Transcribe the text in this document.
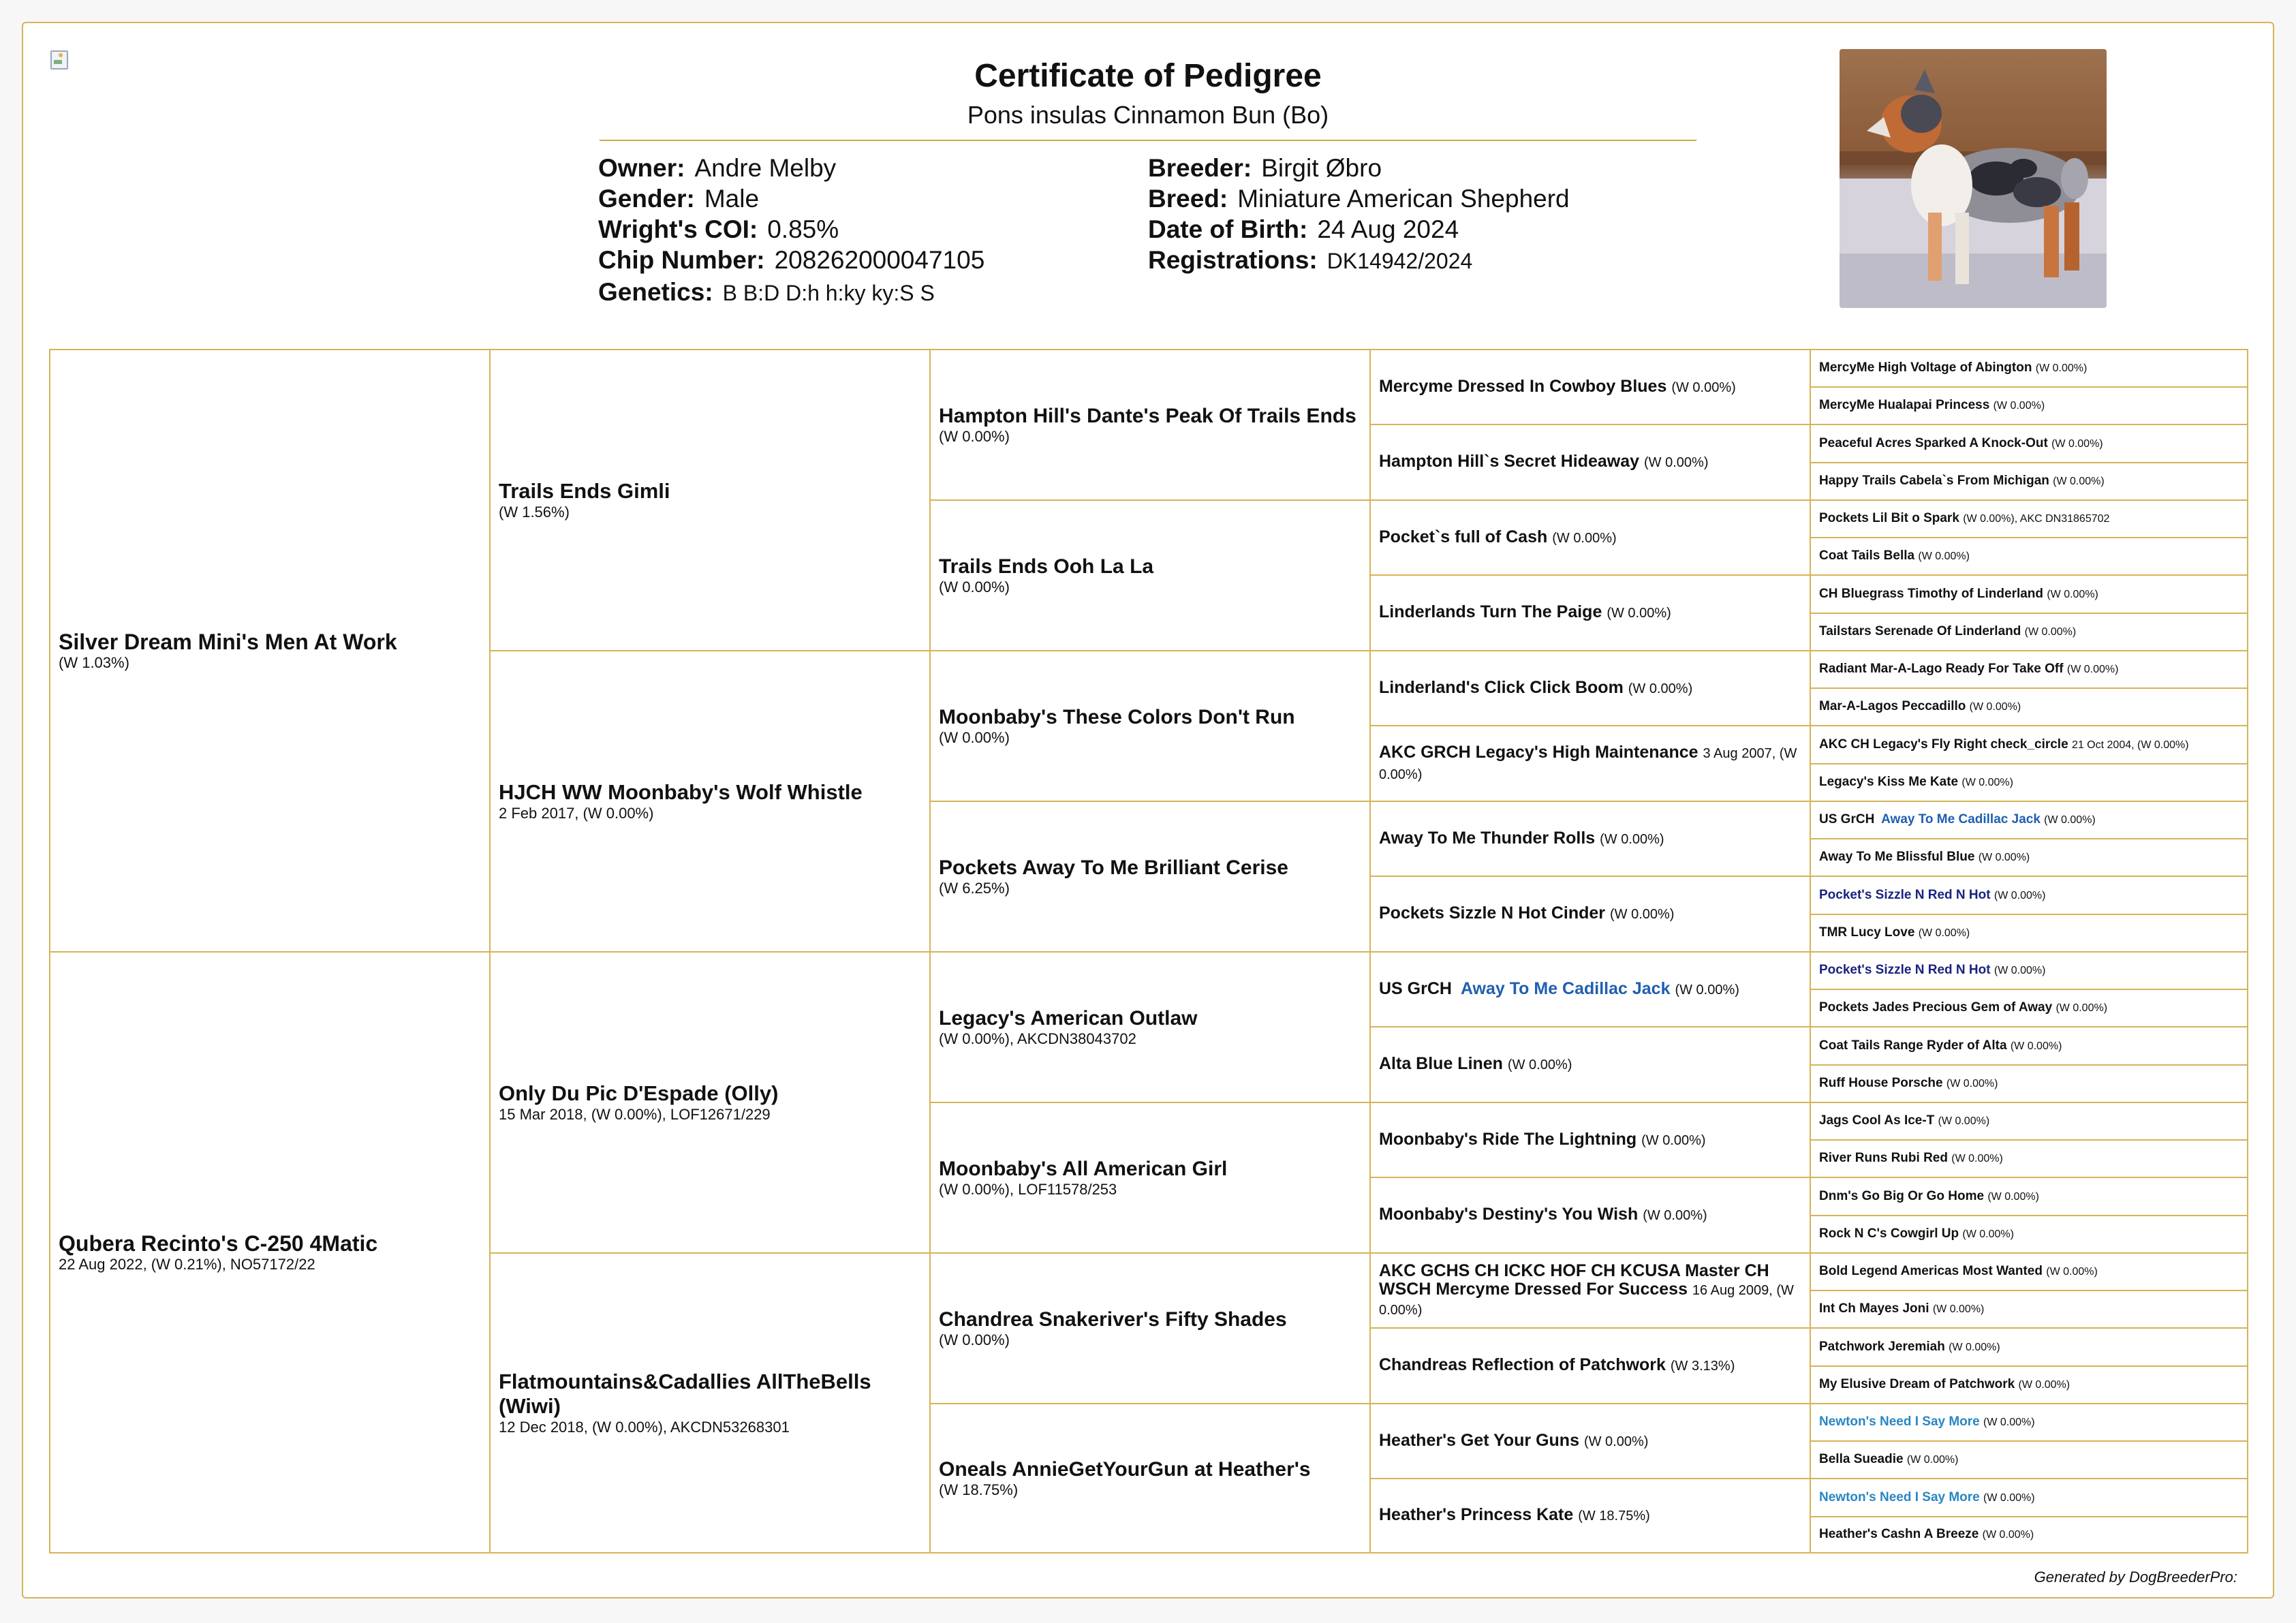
Certificate of Pedigree
Pons insulas Cinnamon Bun (Bo)
Owner: Andre Melby
Gender: Male
Wright's COI: 0.85%
Chip Number: 208262000047105
Genetics: B B:D D:h h:ky ky:S S
Breeder: Birgit Øbro
Breed: Miniature American Shepherd
Date of Birth: 24 Aug 2024
Registrations: DK14942/2024
Silver Dream Mini's Men At Work
(W 1.03%)
Qubera Recinto's C-250 4Matic
22 Aug 2022, (W 0.21%), NO57172/22
Trails Ends Gimli
(W 1.56%)
HJCH WW Moonbaby's Wolf Whistle
2 Feb 2017, (W 0.00%)
Only Du Pic D'Espade (Olly)
15 Mar 2018, (W 0.00%), LOF12671/229
Flatmountains&Cadallies AllTheBells (Wiwi)
12 Dec 2018, (W 0.00%), AKCDN53268301
Hampton Hill's Dante's Peak Of Trails Ends
(W 0.00%)
Trails Ends Ooh La La
(W 0.00%)
Moonbaby's These Colors Don't Run
(W 0.00%)
Pockets Away To Me Brilliant Cerise
(W 6.25%)
Legacy's American Outlaw
(W 0.00%), AKCDN38043702
Moonbaby's All American Girl
(W 0.00%), LOF11578/253
Chandrea Snakeriver's Fifty Shades
(W 0.00%)
Oneals AnnieGetYourGun at Heather's
(W 18.75%)
Mercyme Dressed In Cowboy Blues (W 0.00%)
Hampton Hill`s Secret Hideaway (W 0.00%)
Pocket`s full of Cash (W 0.00%)
Linderlands Turn The Paige (W 0.00%)
Linderland's Click Click Boom (W 0.00%)
AKC GRCH Legacy's High Maintenance 3 Aug 2007, (W 0.00%)
Away To Me Thunder Rolls (W 0.00%)
Pockets Sizzle N Hot Cinder (W 0.00%)
US GrCH Away To Me Cadillac Jack (W 0.00%)
Alta Blue Linen (W 0.00%)
Moonbaby's Ride The Lightning (W 0.00%)
Moonbaby's Destiny's You Wish (W 0.00%)
AKC GCHS CH ICKC HOF CH KCUSA Master CH WSCH Mercyme Dressed For Success 16 Aug 2009, (W 0.00%)
Chandreas Reflection of Patchwork (W 3.13%)
Heather's Get Your Guns (W 0.00%)
Heather's Princess Kate (W 18.75%)
MercyMe High Voltage of Abington (W 0.00%)
MercyMe Hualapai Princess (W 0.00%)
Peaceful Acres Sparked A Knock-Out (W 0.00%)
Happy Trails Cabela`s From Michigan (W 0.00%)
Pockets Lil Bit o Spark (W 0.00%), AKC DN31865702
Coat Tails Bella (W 0.00%)
CH Bluegrass Timothy of Linderland (W 0.00%)
Tailstars Serenade Of Linderland (W 0.00%)
Radiant Mar-A-Lago Ready For Take Off (W 0.00%)
Mar-A-Lagos Peccadillo (W 0.00%)
AKC CH Legacy's Fly Right check_circle 21 Oct 2004, (W 0.00%)
Legacy's Kiss Me Kate (W 0.00%)
US GrCH Away To Me Cadillac Jack (W 0.00%)
Away To Me Blissful Blue (W 0.00%)
Pocket's Sizzle N Red N Hot (W 0.00%)
TMR Lucy Love (W 0.00%)
Pocket's Sizzle N Red N Hot (W 0.00%)
Pockets Jades Precious Gem of Away (W 0.00%)
Coat Tails Range Ryder of Alta (W 0.00%)
Ruff House Porsche (W 0.00%)
Jags Cool As Ice-T (W 0.00%)
River Runs Rubi Red (W 0.00%)
Dnm's Go Big Or Go Home (W 0.00%)
Rock N C's Cowgirl Up (W 0.00%)
Bold Legend Americas Most Wanted (W 0.00%)
Int Ch Mayes Joni (W 0.00%)
Patchwork Jeremiah (W 0.00%)
My Elusive Dream of Patchwork (W 0.00%)
Newton's Need I Say More (W 0.00%)
Bella Sueadie (W 0.00%)
Newton's Need I Say More (W 0.00%)
Heather's Cashn A Breeze (W 0.00%)
Generated by DogBreederPro:
